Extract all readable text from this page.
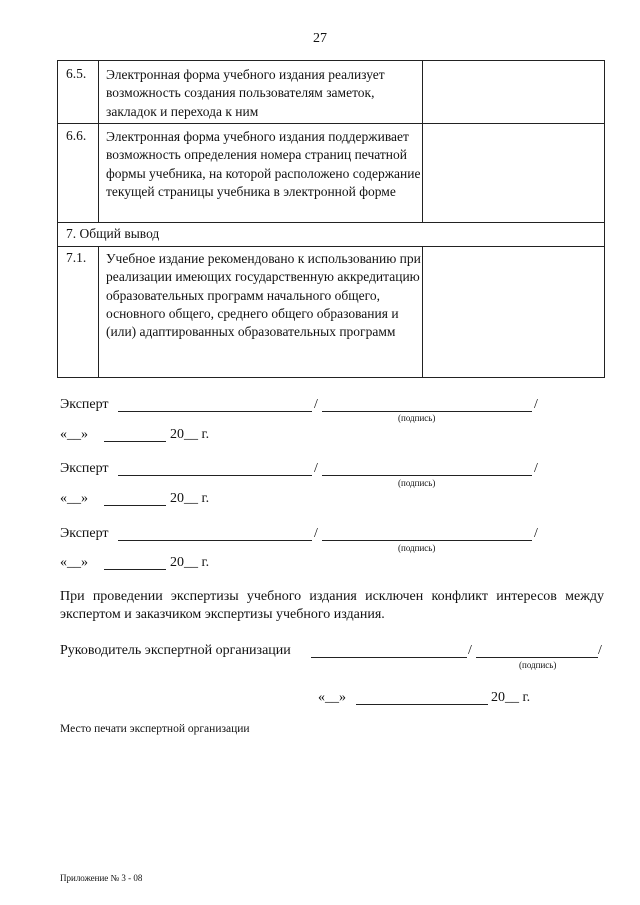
27
6.5. Электронная форма учебного издания реализует возможность создания пользователям заметок, закладок и перехода к ним
6.6. Электронная форма учебного издания поддерживает возможность определения номера страниц печатной формы учебника, на которой расположено содержание текущей страницы учебника в электронной форме
7. Общий вывод
7.1. Учебное издание рекомендовано к использованию при реализации имеющих государственную аккредитацию образовательных программ начального общего, основного общего, среднего общего образования и (или) адаптированных образовательных программ
Эксперт	/	/
(подпись)
«__»	20__ г.
Эксперт	/	/
(подпись)
«__»	20__ г.
Эксперт	/	/
(подпись)
«__»	20__ г.
При проведении экспертизы учебного издания исключен конфликт интересов между экспертом и заказчиком экспертизы учебного издания.
Руководитель экспертной организации	/	/
(подпись)
«__»	20__ г.
Место печати экспертной организации
Приложение № 3 - 08
